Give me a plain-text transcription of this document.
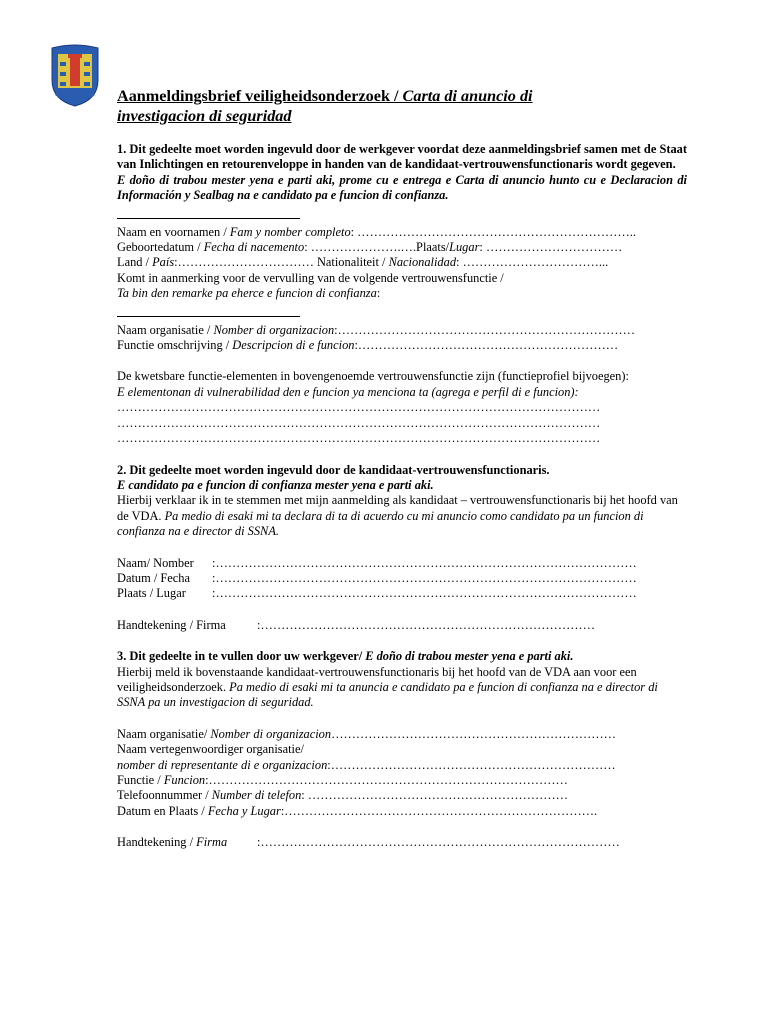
Aanmeldingsbrief veiligheidsonderzoek / Carta di anuncio di
investigacion di seguridad
1. Dit gedeelte moet worden ingevuld door de werkgever voordat deze aanmeldingsbrief samen met de Staat van Inlichtingen en retourenveloppe in handen van de kandidaat-vertrouwensfunctionaris wordt gegeven.
E doño di trabou mester yena e parti aki, prome cu e entrega e Carta di anuncio hunto cu e Declaracion di Información y Sealbag na e candidato pa e funcion di confianza.
Naam en voornamen / Fam y nomber completo: …………………………………………………………..
Geboortedatum / Fecha di nacemento: ………………….….Plaats/Lugar: ……………………………
Land / País:…………………………… Nationaliteit / Nacionalidad: ……………………………...
Komt in aanmerking voor de vervulling van de volgende vertrouwensfunctie /
Ta bin den remarke pa eherce e funcion di confianza:
Naam organisatie / Nomber di organizacion:………………………………………………………………
Functie omschrijving / Descripcion di e funcion:………………………………………………………
De kwetsbare functie-elementen in bovengenoemde vertrouwensfunctie zijn (functieprofiel bijvoegen):
E elementonan di vulnerabilidad den e funcion ya menciona ta (agrega e perfil di e funcion):
………………………………………………………………………………………………………
………………………………………………………………………………………………………
………………………………………………………………………………………………………
2. Dit gedeelte moet worden ingevuld door de kandidaat-vertrouwensfunctionaris.
E candidato pa e funcion di confianza mester yena e parti aki.
Hierbij verklaar ik in te stemmen met mijn aanmelding als kandidaat – vertrouwensfunctionaris bij het hoofd van de VDA. Pa medio di esaki mi ta declara di ta di acuerdo cu mi anuncio como candidato pa un funcion di confianza na e director di SSNA.
Naam/ Nomber	:…………………………………………………………………………………………
Datum / Fecha	:…………………………………………………………………………………………
Plaats / Lugar	:…………………………………………………………………………………………
Handtekening / Firma	:………………………………………………………………………
3. Dit gedeelte in te vullen door uw werkgever/ E doño di trabou mester yena e parti aki.
Hierbij meld ik bovenstaande kandidaat-vertrouwensfunctionaris bij het hoofd van de VDA aan voor een veiligheidsonderzoek. Pa medio di esaki mi ta anuncia e candidato pa e funcion di confianza na e director di SSNA pa un investigacion di seguridad.
Naam organisatie/ Nomber di organizacion……………………………………………………………
Naam vertegenwoordiger organisatie/
nomber di representante di e organizacion:……………………………………………………………
Functie / Funcion:……………………………………………………………………………
Telefoonnummer / Number di telefon: ………………………………………………………
Datum en Plaats / Fecha y Lugar:………………………………………………………………….
Handtekening / Firma	:……………………………………………………………………………
